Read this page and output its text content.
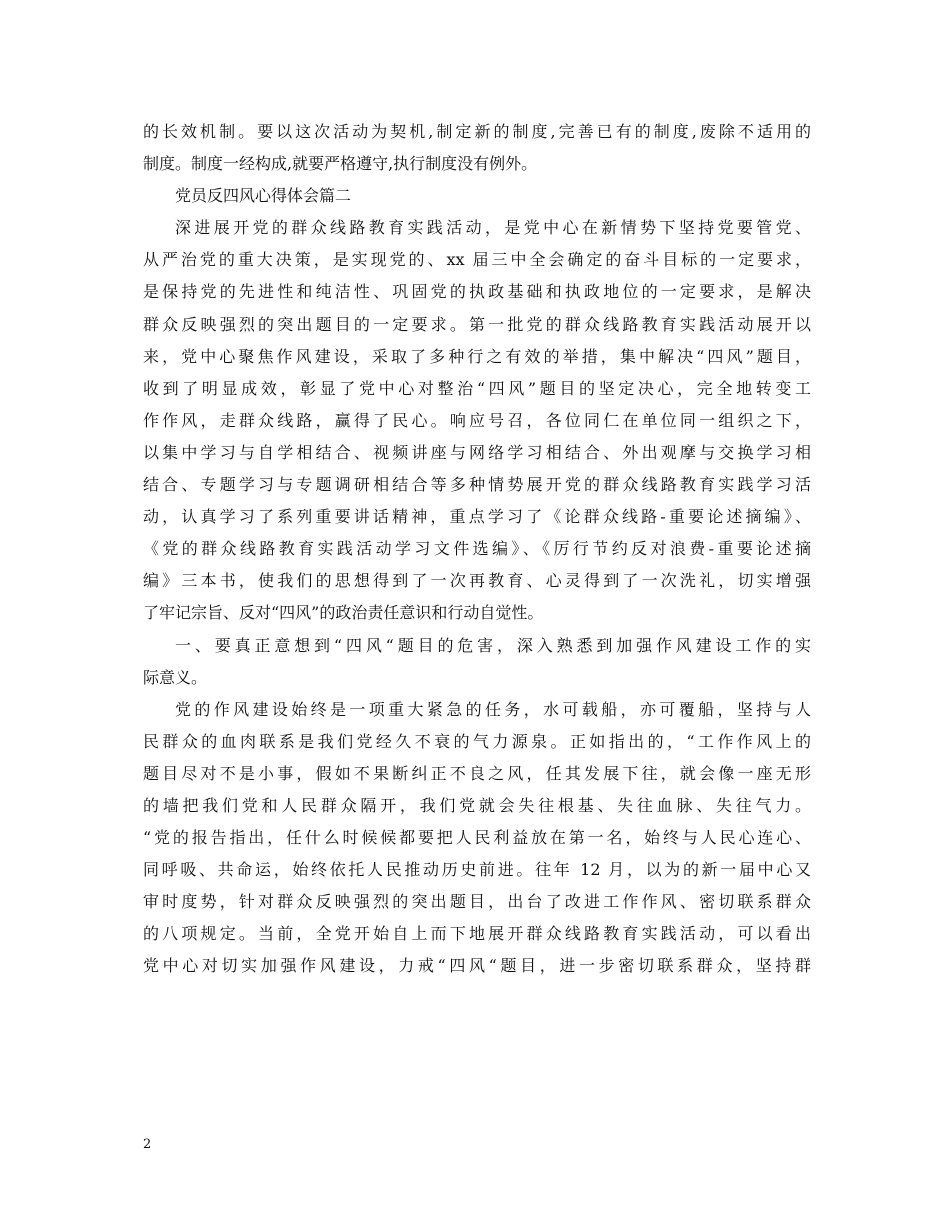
的长效机制。要以这次活动为契机,制定新的制度,完善已有的制度,废除不适用的
制度。制度一经构成,就要严格遵守,执行制度没有例外。
党员反四风心得体会篇二
深进展开党的群众线路教育实践活动，是党中心在新情势下坚持党要管党、
从严治党的重大决策，是实现党的、xx 届三中全会确定的奋斗目标的一定要求，
是保持党的先进性和纯洁性、巩固党的执政基础和执政地位的一定要求，是解决
群众反映强烈的突出题目的一定要求。第一批党的群众线路教育实践活动展开以
来，党中心聚焦作风建设，采取了多种行之有效的举措，集中解决“四风”题目，
收到了明显成效，彰显了党中心对整治“四风”题目的坚定决心，完全地转变工
作作风，走群众线路，赢得了民心。响应号召，各位同仁在单位同一组织之下，
以集中学习与自学相结合、视频讲座与网络学习相结合、外出观摩与交换学习相
结合、专题学习与专题调研相结合等多种情势展开党的群众线路教育实践学习活
动，认真学习了系列重要讲话精神，重点学习了《论群众线路-重要论述摘编》、
《党的群众线路教育实践活动学习文件选编》、《厉行节约反对浪费-重要论述摘
编》三本书，使我们的思想得到了一次再教育、心灵得到了一次洗礼，切实增强
了牢记宗旨、反对“四风”的政治责任意识和行动自觉性。
一、要真正意想到“四风“题目的危害，深入熟悉到加强作风建设工作的实
际意义。
党的作风建设始终是一项重大紧急的任务，水可载船，亦可覆船，坚持与人
民群众的血肉联系是我们党经久不衰的气力源泉。正如指出的，“工作作风上的
题目尽对不是小事，假如不果断纠正不良之风，任其发展下往，就会像一座无形
的墙把我们党和人民群众隔开，我们党就会失往根基、失往血脉、失往气力。
“党的报告指出，任什么时候候都要把人民利益放在第一名，始终与人民心连心、
同呼吸、共命运，始终依托人民推动历史前进。往年 12 月，以为的新一届中心又
审时度势，针对群众反映强烈的突出题目，出台了改进工作作风、密切联系群众
的八项规定。当前，全党开始自上而下地展开群众线路教育实践活动，可以看出
党中心对切实加强作风建设，力戒“四风“题目，进一步密切联系群众，坚持群
2
